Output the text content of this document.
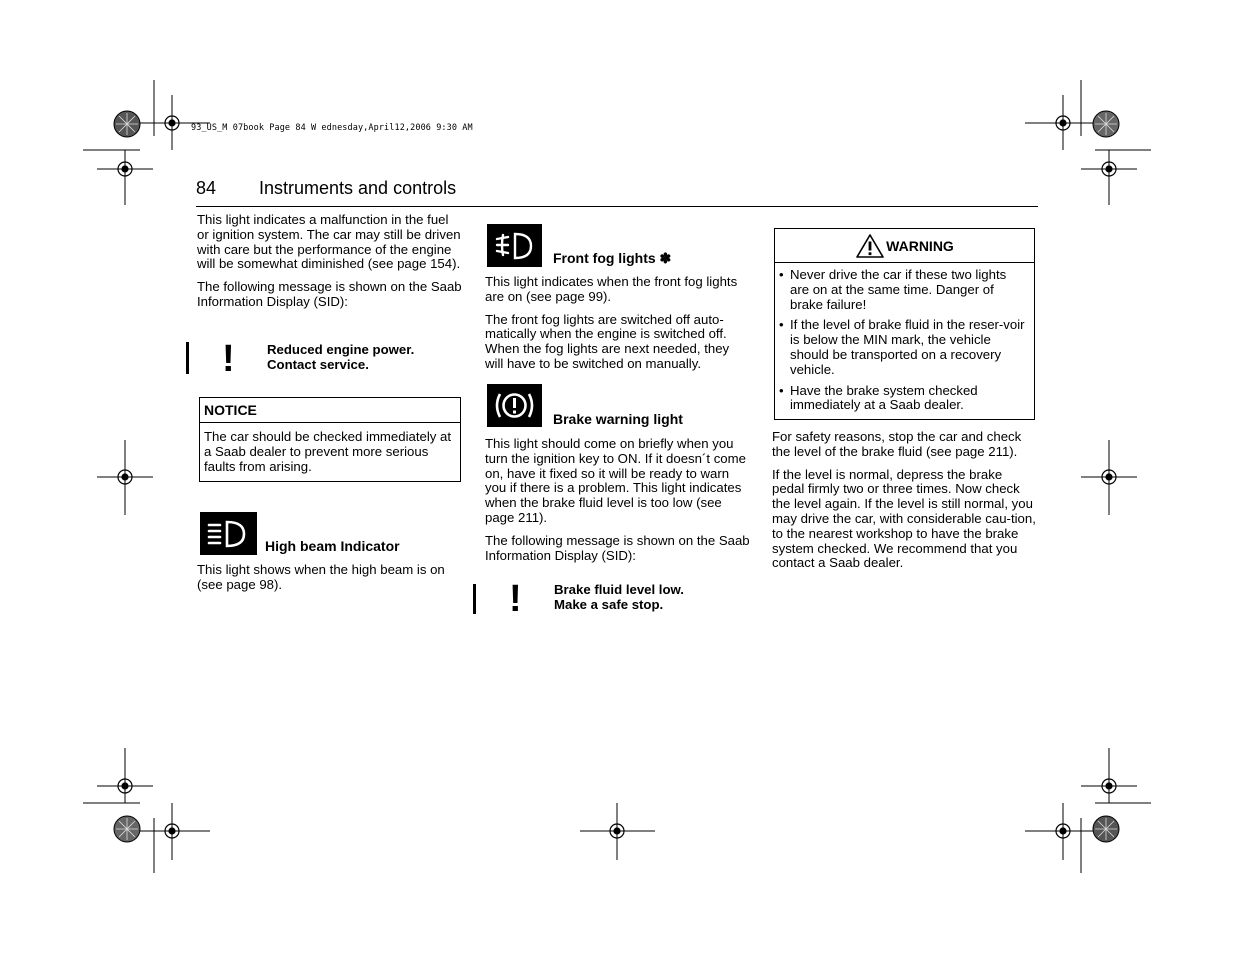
93_US_M 07book Page 84 W ednesday,April12,2006 9:30 AM
84 Instruments and controls

This light indicates a malfunction in the fuel or ignition system. The car may still be driven with care but the performance of the engine will be somewhat diminished (see page 154).

The following message is shown on the Saab Information Display (SID):

! Reduced engine power.
Contact service.
NOTICE
The car should be checked immediately at a Saab dealer to prevent more serious faults from arising.
High beam Indicator

This light shows when the high beam is on (see page 98).

Front fog lights ✽

This light indicates when the front fog lights are on (see page 99).

The front fog lights are switched off auto-matically when the engine is switched off. When the fog lights are next needed, they will have to be switched on manually.

Brake warning light

This light should come on briefly when you turn the ignition key to ON. If it doesn´t come on, have it fixed so it will be ready to warn you if there is a problem. This light indicates when the brake fluid level is too low (see page 211).

The following message is shown on the Saab Information Display (SID):

! Brake fluid level low.
Make a safe stop.
WARNING
• Never drive the car if these two lights are on at the same time. Danger of brake failure!
• If the level of brake fluid in the reser-voir is below the MIN mark, the vehicle should be transported on a recovery vehicle.
• Have the brake system checked immediately at a Saab dealer.

For safety reasons, stop the car and check the level of the brake fluid (see page 211).

If the level is normal, depress the brake pedal firmly two or three times. Now check the level again. If the level is still normal, you may drive the car, with considerable cau-tion, to the nearest workshop to have the brake system checked. We recommend that you contact a Saab dealer.
